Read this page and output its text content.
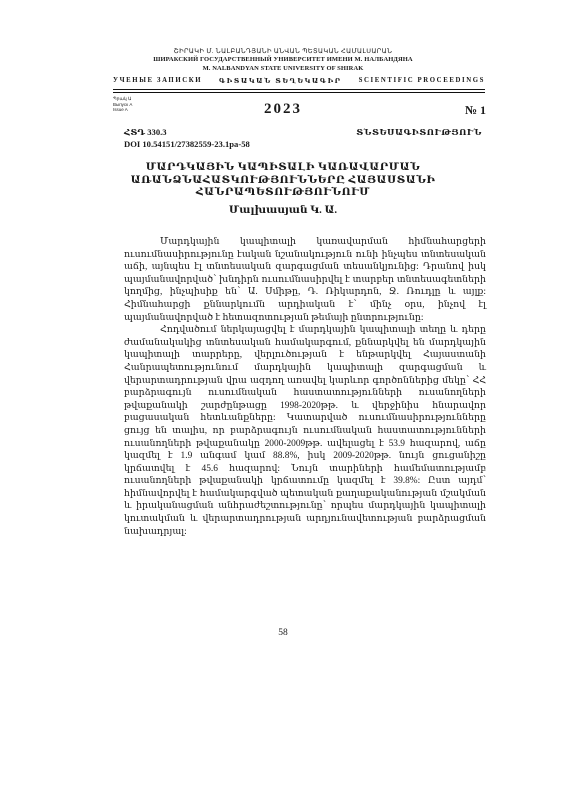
ՇԻՐԱԿԻ Մ. ՆԱԼԲԱՆԴՅԱՆԻ ԱՆՎԱՆ ՊԵՏԱԿԱՆ ՀԱՄԱԼՍԱՐԱՆ
ШИРАКСКИЙ ГОСУДАРСТВЕННЫЙ УНИВЕРСИТЕТ ИМЕНИ М. НАЛБАНДЯНА
M. NALBANDYAN STATE UNIVERSITY OF SHIRAK
УЧЕНЫЕ ЗАПИСКИ ԳԻՏԱԿԱՆ ՏԵՂԵԿԱԳԻՐ SCIENTIFIC PROCEEDINGS
Պրակ Ա
Выпуск А
Issue A	2023	№ 1
ՀՏԴ 330.3
DOI 10.54151/27382559-23.1pa-58
ՏՆՏԵՍԱԳԻՏՈՒԹՅՈՒՆ
ՄԱՐԴԿԱՅԻՆ ԿԱՊԻՏԱԼԻ ԿԱՌԱՎԱՐՄԱՆ
ԱՌԱՆՁՆԱՀԱՏԿՈՒԹՅՈՒՆՆԵՐԸ ՀԱՅԱՍՏԱՆԻ
ՀԱՆՐԱՊԵՏՈՒԹՅՈՒՆՈՒՄ
Մալխասյան Կ. Ա.

Մարդկային կապիտալի կառավարման հիմնահարցերի ուսումնասիրությունը էական նշանակություն ունի ինչպես տնտեսական աճի, այնպես էլ տնտեսական զարգացման տեսանկյունից: Դրանով իսկ պայմանավորված՝ խնդիրն ուսումնասիրվել է տարբեր տնտեսագետների կողմից, ինչպիսիք են՝ Ա. Սմիթը, Դ. Ռիկարդոն, Ջ. Ռուդլը և այլք: Հիմնահարցի քննարկումն արդիական է՝ մինչ օրս, ինչով էլ պայմանավորված է հետազոտության թեմայի ընտրությունը:

Հոդվածում ներկայացվել է մարդկային կապիտալի տեղը և դերը ժամանակակից տնտեսական համակարգում, քննարկվել են մարդկային կապիտալի տարրերը, վերլուծության է ենթարկվել Հայաստանի Հանրապետությունում մարդկային կապիտալի զարգացման և վերարտադրության վրա ազդող առավել կարևոր գործոններից մեկը՝ ՀՀ բարձրագույն ուսումնական հաստատությունների ուսանողների թվաքանակի շարժընթացը 1998-2020թթ. և վերջինիս հնարավոր բացասական հետևանքները: Կատարված ուսումնասիրությունները ցույց են տալիս, որ բարձրագույն ուսումնական հաստատությունների ուսանողների թվաքանակը 2000-2009թթ. ավելացել է 53.9 հազարով, աճը կազմել է 1.9 անգամ կամ 88.8%, իսկ 2009-2020թթ. նույն ցուցանիշը կրճատվել է 45.6 հազարով: Նույն տարիների համեմատությամբ ուսանողների թվաքանակի կրճատումը կազմել է 39.8%: Ըստ այդմ՝ հիմնավորվել է համակարգված պետական քաղաքականության մշակման և իրականացման անհրաժեշտությունը՝ որպես մարդկային կապիտալի կուտակման և վերարտադրության արդյունավետության բարձրացման նախադրյալ:

58
